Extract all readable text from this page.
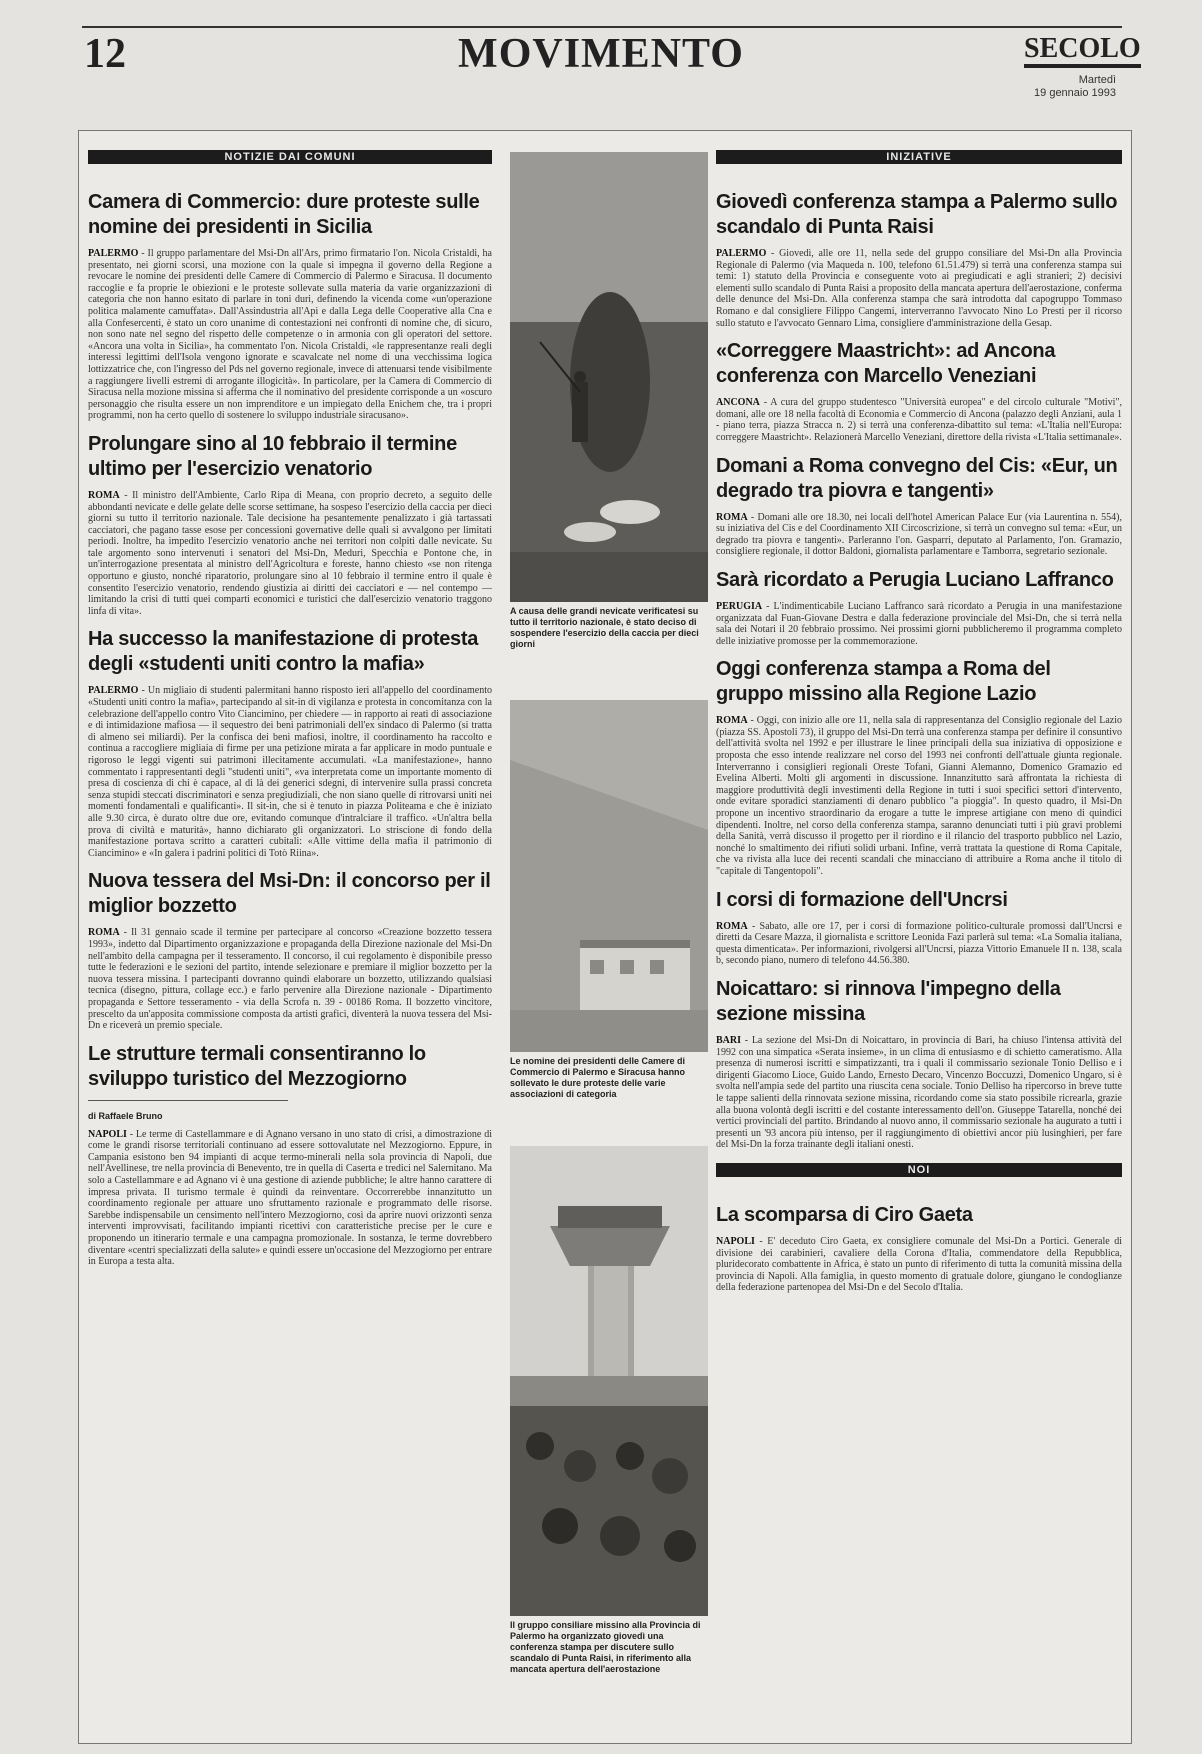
12	MOVIMENTO	SECOLO
Martedì
19 gennaio 1993
NOTIZIE DAI COMUNI
Camera di Commercio: dure proteste sulle nomine dei presidenti in Sicilia

PALERMO - Il gruppo parlamentare del Msi-Dn all'Ars, primo firmatario l'on. Nicola Cristaldi, ha presentato, nei giorni scorsi, una mozione con la quale si impegna il governo della Regione a revocare le nomine dei presidenti delle Camere di Commercio di Palermo e Siracusa. Il documento raccoglie e fa proprie le obiezioni e le proteste sollevate sulla materia da varie organizzazioni di categoria che non hanno esitato di parlare in toni duri, definendo la vicenda come «un'operazione politica malamente camuffata». Dall'Assindustria all'Api e dalla Lega delle Cooperative alla Cna e alla Confesercenti, è stato un coro unanime di contestazioni nei confronti di nomine che, di sicuro, non sono nate nel segno del rispetto delle competenze o in armonia con gli operatori del settore. «Ancora una volta in Sicilia», ha commentato l'on. Nicola Cristaldi, «le rappresentanze reali degli interessi legittimi dell'Isola vengono ignorate e scavalcate nel nome di una vecchissima logica lottizzatrice che, con l'ingresso del Pds nel governo regionale, invece di attenuarsi tende visibilmente a raggiungere livelli estremi di arrogante illogicità». In particolare, per la Camera di Commercio di Siracusa nella mozione missina si afferma che il nominativo del presidente corrisponde a un «oscuro personaggio che risulta essere un non imprenditore e un impiegato della Enichem che, tra i propri programmi, non ha certo quello di sostenere lo sviluppo industriale siracusano».

Prolungare sino al 10 febbraio il termine ultimo per l'esercizio venatorio

ROMA - Il ministro dell'Ambiente, Carlo Ripa di Meana, con proprio decreto, a seguito delle abbondanti nevicate e delle gelate delle scorse settimane, ha sospeso l'esercizio della caccia per dieci giorni su tutto il territorio nazionale. Tale decisione ha pesantemente penalizzato i già tartassati cacciatori, che pagano tasse esose per concessioni governative delle quali si avvalgono per limitati periodi. Inoltre, ha impedito l'esercizio venatorio anche nei territori non colpiti dalle nevicate. Su tale argomento sono intervenuti i senatori del Msi-Dn, Meduri, Specchia e Pontone che, in un'interrogazione presentata al ministro dell'Agricoltura e foreste, hanno chiesto «se non ritenga opportuno e giusto, nonché riparatorio, prolungare sino al 10 febbraio il termine entro il quale è consentito l'esercizio venatorio, rendendo giustizia ai diritti dei cacciatori e — nel contempo — limitando la crisi di tutti quei comparti economici e turistici che dall'esercizio venatorio traggono linfa di vita».

Ha successo la manifestazione di protesta degli «studenti uniti contro la mafia»

PALERMO - Un migliaio di studenti palermitani hanno risposto ieri all'appello del coordinamento «Studenti uniti contro la mafia», partecipando al sit-in di vigilanza e protesta in concomitanza con la celebrazione dell'appello contro Vito Ciancimino, per chiedere — in rapporto ai reati di associazione e di intimidazione mafiosa — il sequestro dei beni patrimoniali dell'ex sindaco di Palermo (si tratta di almeno sei miliardi). Per la confisca dei beni mafiosi, inoltre, il coordinamento ha raccolto e continua a raccogliere migliaia di firme per una petizione mirata a far applicare in modo puntuale e rigoroso le leggi vigenti sui patrimoni illecitamente accumulati. «La manifestazione», hanno commentato i rappresentanti degli "studenti uniti", «va interpretata come un importante momento di presa di coscienza di chi è capace, al di là dei generici sdegni, di intervenire sulla prassi concreta senza stupidi steccati discriminatori e senza pregiudiziali, che non siano quelle di ritrovarsi uniti nei momenti fondamentali e qualificanti». Il sit-in, che si è tenuto in piazza Politeama e che è iniziato alle 9.30 circa, è durato oltre due ore, evitando comunque d'intralciare il traffico. «Un'altra bella prova di civiltà e maturità», hanno dichiarato gli organizzatori. Lo striscione di fondo della manifestazione portava scritto a caratteri cubitali: «Alle vittime della mafia il patrimonio di Ciancimino» e «In galera i padrini politici di Totò Riina».

Nuova tessera del Msi-Dn: il concorso per il miglior bozzetto

ROMA - Il 31 gennaio scade il termine per partecipare al concorso «Creazione bozzetto tessera 1993», indetto dal Dipartimento organizzazione e propaganda della Direzione nazionale del Msi-Dn nell'ambito della campagna per il tesseramento. Il concorso, il cui regolamento è disponibile presso tutte le federazioni e le sezioni del partito, intende selezionare e premiare il miglior bozzetto per la nuova tessera missina. I partecipanti dovranno quindi elaborare un bozzetto, utilizzando qualsiasi tecnica (disegno, pittura, collage ecc.) e farlo pervenire alla Direzione nazionale - Dipartimento propaganda e Settore tesseramento - via della Scrofa n. 39 - 00186 Roma. Il bozzetto vincitore, prescelto da un'apposita commissione composta da artisti grafici, diventerà la nuova tessera del Msi-Dn e riceverà un premio speciale.

Le strutture termali consentiranno lo sviluppo turistico del Mezzogiorno
di Raffaele Bruno

NAPOLI - Le terme di Castellammare e di Agnano versano in uno stato di crisi, a dimostrazione di come le grandi risorse territoriali continuano ad essere sottovalutate nel Mezzogiorno. Eppure, in Campania esistono ben 94 impianti di acque termo-minerali nella sola provincia di Napoli, due nell'Avellinese, tre nella provincia di Benevento, tre in quella di Caserta e tredici nel Salernitano. Ma solo a Castellammare e ad Agnano vi è una gestione di aziende pubbliche; le altre hanno carattere di impresa privata. Il turismo termale è quindi da reinventare. Occorrerebbe innanzitutto un coordinamento regionale per attuare uno sfruttamento razionale e programmato delle risorse. Sarebbe indispensabile un censimento nell'intero Mezzogiorno, così da aprire nuovi orizzonti senza interventi improvvisati, facilitando impianti ricettivi con caratteristiche precise per le cure e proponendo un itinerario termale e una campagna promozionale. In sostanza, le terme dovrebbero diventare «centri specializzati della salute» e quindi essere un'occasione del Mezzogiorno per entrare in Europa a testa alta.

A causa delle grandi nevicate verificatesi su tutto il territorio nazionale, è stato deciso di sospendere l'esercizio della caccia per dieci giorni
Le nomine dei presidenti delle Camere di Commercio di Palermo e Siracusa hanno sollevato le dure proteste delle varie associazioni di categoria
Il gruppo consiliare missino alla Provincia di Palermo ha organizzato giovedì una conferenza stampa per discutere sullo scandalo di Punta Raisi, in riferimento alla mancata apertura dell'aerostazione
INIZIATIVE
Giovedì conferenza stampa a Palermo sullo scandalo di Punta Raisi

PALERMO - Giovedì, alle ore 11, nella sede del gruppo consiliare del Msi-Dn alla Provincia Regionale di Palermo (via Maqueda n. 100, telefono 61.51.479) si terrà una conferenza stampa sui temi: 1) statuto della Provincia e conseguente voto ai pregiudicati e agli stranieri; 2) decisivi elementi sullo scandalo di Punta Raisi a proposito della mancata apertura dell'aerostazione, conferma delle denunce del Msi-Dn. Alla conferenza stampa che sarà introdotta dal capogruppo Tommaso Romano e dal consigliere Filippo Cangemi, interverranno l'avvocato Nino Lo Presti per il ricorso sullo statuto e l'avvocato Gennaro Lima, consigliere d'amministrazione della Gesap.

«Correggere Maastricht»: ad Ancona conferenza con Marcello Veneziani

ANCONA - A cura del gruppo studentesco "Università europea" e del circolo culturale "Motivi", domani, alle ore 18 nella facoltà di Economia e Commercio di Ancona (palazzo degli Anziani, aula 1 - piano terra, piazza Stracca n. 2) si terrà una conferenza-dibattito sul tema: «L'Italia nell'Europa: correggere Maastricht». Relazionerà Marcello Veneziani, direttore della rivista «L'Italia settimanale».

Domani a Roma convegno del Cis: «Eur, un degrado tra piovra e tangenti»

ROMA - Domani alle ore 18.30, nei locali dell'hotel American Palace Eur (via Laurentina n. 554), su iniziativa del Cis e del Coordinamento XII Circoscrizione, si terrà un convegno sul tema: «Eur, un degrado tra piovra e tangenti». Parleranno l'on. Gasparri, deputato al Parlamento, l'on. Gramazio, consigliere regionale, il dottor Baldoni, giornalista parlamentare e Tamborra, segretario sezionale.

Sarà ricordato a Perugia Luciano Laffranco

PERUGIA - L'indimenticabile Luciano Laffranco sarà ricordato a Perugia in una manifestazione organizzata dal Fuan-Giovane Destra e dalla federazione provinciale del Msi-Dn, che si terrà nella sala dei Notari il 20 febbraio prossimo. Nei prossimi giorni pubblicheremo il programma completo delle iniziative promosse per la commemorazione.

Oggi conferenza stampa a Roma del gruppo missino alla Regione Lazio

ROMA - Oggi, con inizio alle ore 11, nella sala di rappresentanza del Consiglio regionale del Lazio (piazza SS. Apostoli 73), il gruppo del Msi-Dn terrà una conferenza stampa per definire il consuntivo dell'attività svolta nel 1992 e per illustrare le linee principali della sua iniziativa di opposizione e proposta che esso intende realizzare nel corso del 1993 nei confronti dell'attuale giunta regionale. Interverranno i consiglieri regionali Oreste Tofani, Gianni Alemanno, Domenico Gramazio ed Evelina Alberti. Molti gli argomenti in discussione. Innanzitutto sarà affrontata la richiesta di maggiore produttività degli investimenti della Regione in tutti i suoi specifici settori d'intervento, onde evitare sporadici stanziamenti di denaro pubblico "a pioggia". In questo quadro, il Msi-Dn propone un incentivo straordinario da erogare a tutte le imprese artigiane con meno di quindici dipendenti. Inoltre, nel corso della conferenza stampa, saranno denunciati tutti i più gravi problemi della Sanità, verrà discusso il progetto per il riordino e il rilancio del trasporto pubblico nel Lazio, nonché lo smaltimento dei rifiuti solidi urbani. Infine, verrà trattata la questione di Roma Capitale, che va rivista alla luce dei recenti scandali che minacciano di attribuire a Roma anche il titolo di "capitale di Tangentopoli".

I corsi di formazione dell'Uncrsi

ROMA - Sabato, alle ore 17, per i corsi di formazione politico-culturale promossi dall'Uncrsi e diretti da Cesare Mazza, il giornalista e scrittore Leonida Fazi parlerà sul tema: «La Somalia italiana, questa dimenticata». Per informazioni, rivolgersi all'Uncrsi, piazza Vittorio Emanuele II n. 138, scala b, secondo piano, numero di telefono 44.56.380.

Noicattaro: si rinnova l'impegno della sezione missina

BARI - La sezione del Msi-Dn di Noicattaro, in provincia di Bari, ha chiuso l'intensa attività del 1992 con una simpatica «Serata insieme», in un clima di entusiasmo e di schietto cameratismo. Alla presenza di numerosi iscritti e simpatizzanti, tra i quali il commissario sezionale Tonio Delliso e i dirigenti Giacomo Lioce, Guido Lando, Ernesto Decaro, Vincenzo Boccuzzi, Domenico Ungaro, si è svolta nell'ampia sede del partito una riuscita cena sociale. Tonio Delliso ha ripercorso in breve tutte le tappe salienti della rinnovata sezione missina, ricordando come sia stato possibile ricrearla, grazie alla buona volontà degli iscritti e del costante interessamento dell'on. Giuseppe Tatarella, nonché dei vertici provinciali del partito. Brindando al nuovo anno, il commissario sezionale ha augurato a tutti i presenti un '93 ancora più intenso, per il raggiungimento di obiettivi ancor più lusinghieri, per fare del Msi-Dn la forza trainante degli italiani onesti.

NOI
La scomparsa di Ciro Gaeta

NAPOLI - E' deceduto Ciro Gaeta, ex consigliere comunale del Msi-Dn a Portici. Generale di divisione dei carabinieri, cavaliere della Corona d'Italia, commendatore della Repubblica, pluridecorato combattente in Africa, è stato un punto di riferimento di tutta la comunità missina della provincia di Napoli. Alla famiglia, in questo momento di gratuale dolore, giungano le condoglianze della federazione partenopea del Msi-Dn e del Secolo d'Italia.
